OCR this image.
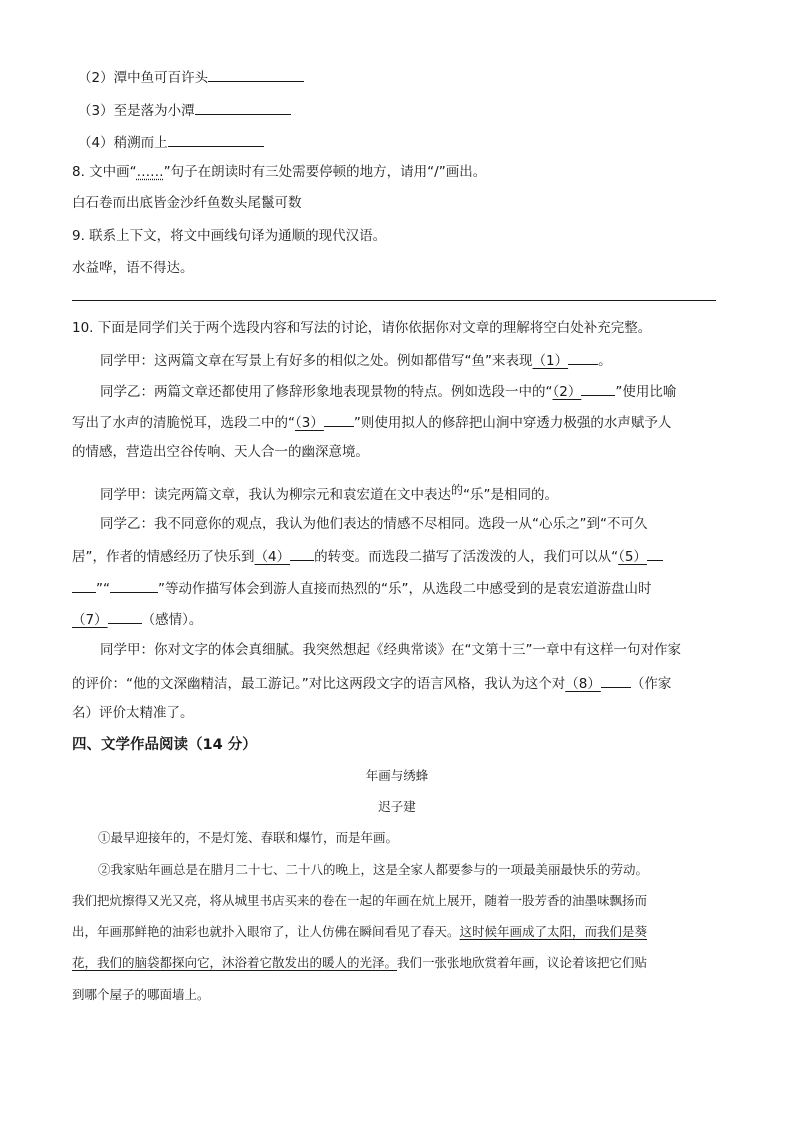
（2）潭中鱼可百许头
（3）至是落为小潭
（4）稍溯而上
8. 文中画“……”句子在朗读时有三处需要停顿的地方，请用“/”画出。
白石卷而出底皆金沙纤鱼数头尾鬣可数
9. 联系上下文，将文中画线句译为通顺的现代汉语。
水益哗，语不得达。
10. 下面是同学们关于两个选段内容和写法的讨论，请你依据你对文章的理解将空白处补充完整。
同学甲：这两篇文章在写景上有好多的相似之处。例如都借写“鱼”来表现（1） 。
同学乙：两篇文章还都使用了修辞形象地表现景物的特点。例如选段一中的“（2）	”使用比喻
写出了水声的清脆悦耳，选段二中的“（3） ”则使用拟人的修辞把山涧中穿透力极强的水声赋予人
的情感，营造出空谷传响、天人合一的幽深意境。
同学甲：读完两篇文章，我认为柳宗元和袁宏道在文中表达的“乐”是相同的。
同学乙：我不同意你的观点，我认为他们表达的情感不尽相同。选段一从“心乐之”到“不可久
居”，作者的情感经历了快乐到（4） 的转变。而选段二描写了活泼泼的人，我们可以从“（5）
”“	”等动作描写体会到游人直接而热烈的“乐”，从选段二中感受到的是袁宏道游盘山时
（7）	（感情）。
同学甲：你对文字的体会真细腻。我突然想起《经典常谈》在“文第十三”一章中有这样一句对作家
的评价：“他的文深幽精洁，最工游记。”对比这两段文字的语言风格，我认为这个对（8） （作家
名）评价太精准了。
四、文学作品阅读（14 分）
年画与绣蜂
迟子建
①最早迎接年的，不是灯笼、春联和爆竹，而是年画。
②我家贴年画总是在腊月二十七、二十八的晚上，这是全家人都要参与的一项最美丽最快乐的劳动。
我们把炕擦得又光又亮，将从城里书店买来的卷在一起的年画在炕上展开，随着一股芳香的油墨味飘扬而
出，年画那鲜艳的油彩也就扑入眼帘了，让人仿佛在瞬间看见了春天。这时候年画成了太阳，而我们是葵
花，我们的脑袋都探向它，沐浴着它散发出的暖人的光泽。我们一张张地欣赏着年画，议论着该把它们贴
到哪个屋子的哪面墙上。
